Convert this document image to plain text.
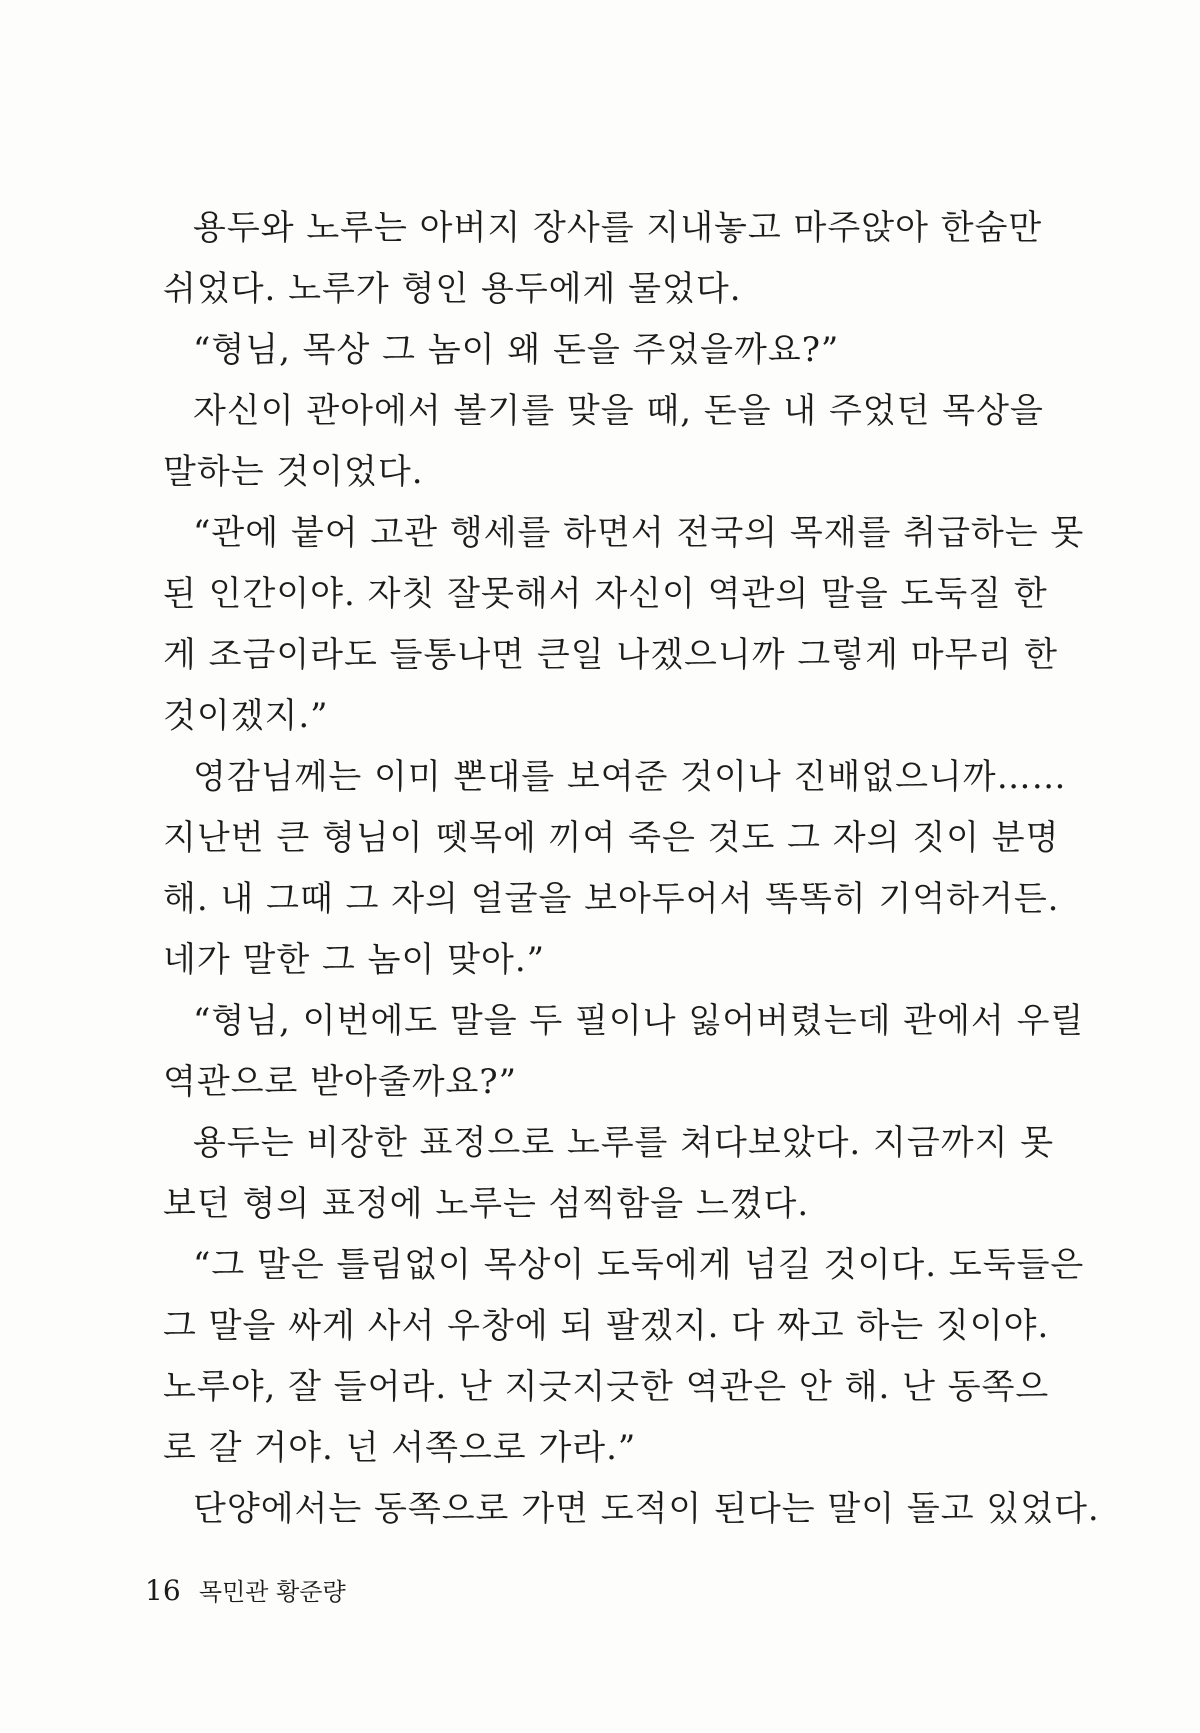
용두와 노루는 아버지 장사를 지내놓고 마주앉아 한숨만
쉬었다. 노루가 형인 용두에게 물었다.
“형님, 목상 그 놈이 왜 돈을 주었을까요?”
자신이 관아에서 볼기를 맞을 때, 돈을 내 주었던 목상을
말하는 것이었다.
“관에 붙어 고관 행세를 하면서 전국의 목재를 취급하는 못
된 인간이야. 자칫 잘못해서 자신이 역관의 말을 도둑질 한
게 조금이라도 들통나면 큰일 나겠으니까 그렇게 마무리 한
것이겠지.”
영감님께는 이미 뽄대를 보여준 것이나 진배없으니까……
지난번 큰 형님이 뗏목에 끼여 죽은 것도 그 자의 짓이 분명
해. 내 그때 그 자의 얼굴을 보아두어서 똑똑히 기억하거든.
네가 말한 그 놈이 맞아.”
“형님, 이번에도 말을 두 필이나 잃어버렸는데 관에서 우릴
역관으로 받아줄까요?”
용두는 비장한 표정으로 노루를 쳐다보았다. 지금까지 못
보던 형의 표정에 노루는 섬찍함을 느꼈다.
“그 말은 틀림없이 목상이 도둑에게 넘길 것이다. 도둑들은
그 말을 싸게 사서 우창에 되 팔겠지. 다 짜고 하는 짓이야.
노루야, 잘 들어라. 난 지긋지긋한 역관은 안 해. 난 동쪽으
로 갈 거야. 넌 서쪽으로 가라.”
단양에서는 동쪽으로 가면 도적이 된다는 말이 돌고 있었다.
16 목민관 황준량
